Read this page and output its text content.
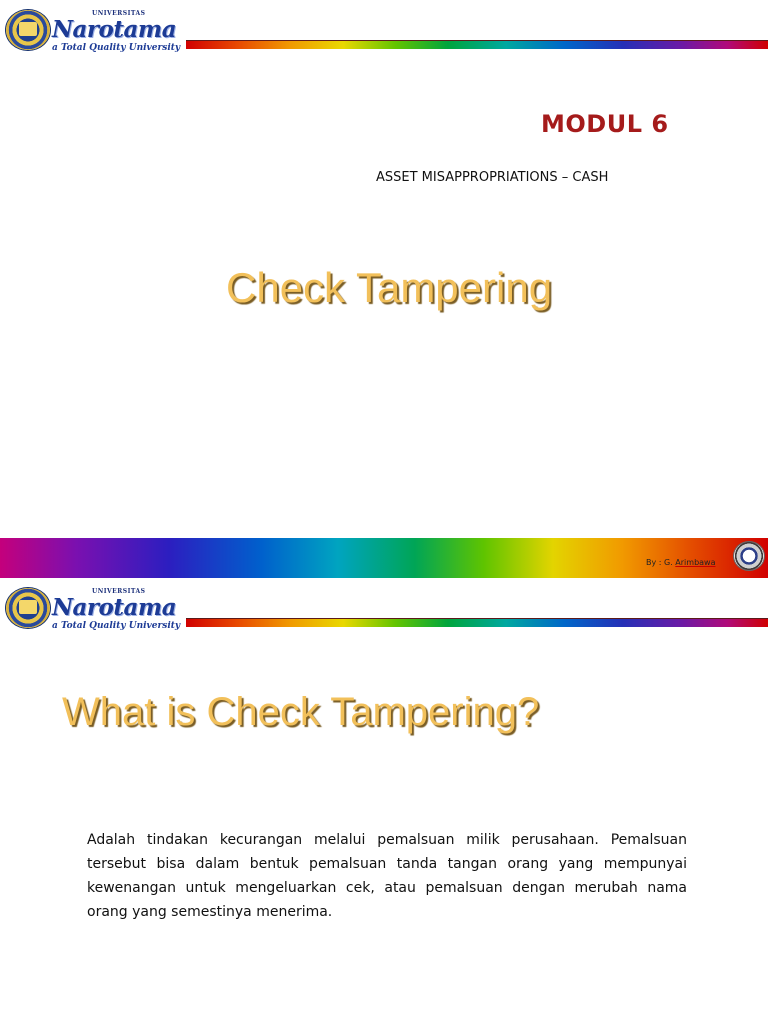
UNIVERSITAS
Narotama
a Total Quality University
MODUL 6
ASSET MISAPPROPRIATIONS – CASH
Check Tampering
By : G. Arimbawa
UNIVERSITAS
Narotama
a Total Quality University
What is Check Tampering?

Adalah tindakan kecurangan melalui pemalsuan milik perusahaan. Pemalsuan tersebut bisa dalam bentuk pemalsuan tanda tangan orang yang mempunyai kewenangan untuk mengeluarkan cek, atau pemalsuan dengan merubah nama orang yang semestinya menerima.
